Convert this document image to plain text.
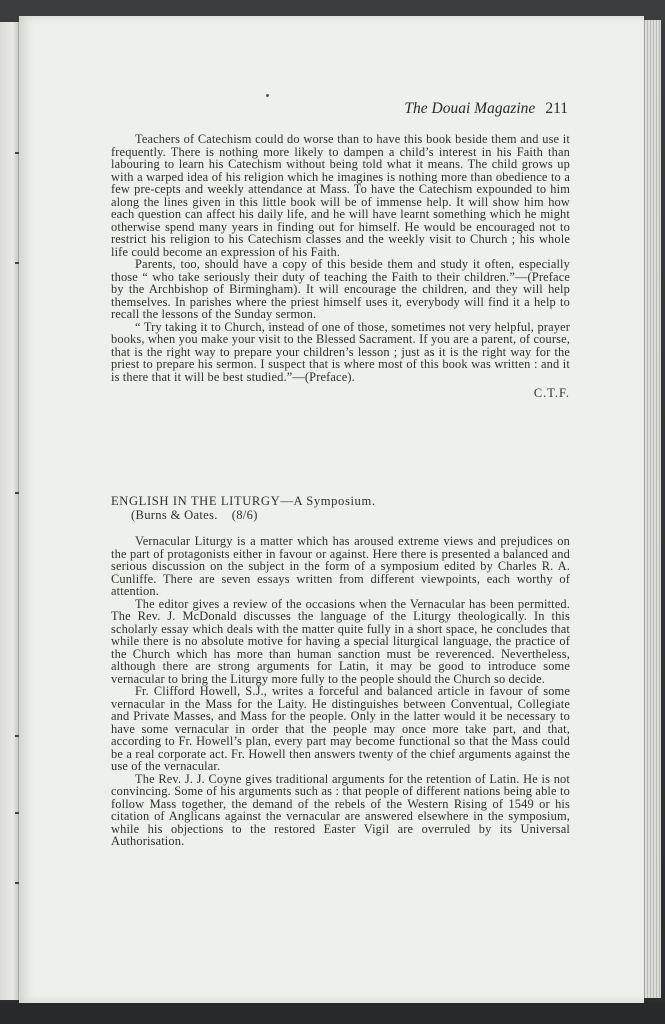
The Douai Magazine 211

Teachers of Catechism could do worse than to have this book beside them and use it frequently. There is nothing more likely to dampen a child’s interest in his Faith than labouring to learn his Catechism without being told what it means. The child grows up with a warped idea of his religion which he imagines is nothing more than obedience to a few pre-cepts and weekly attendance at Mass. To have the Catechism expounded to him along the lines given in this little book will be of immense help. It will show him how each question can affect his daily life, and he will have learnt something which he might otherwise spend many years in finding out for himself. He would be encouraged not to restrict his religion to his Catechism classes and the weekly visit to Church ; his whole life could become an expression of his Faith.

Parents, too, should have a copy of this beside them and study it often, especially those “ who take seriously their duty of teaching the Faith to their children.”—(Preface by the Archbishop of Birmingham). It will encourage the children, and they will help themselves. In parishes where the priest himself uses it, everybody will find it a help to recall the lessons of the Sunday sermon.

“ Try taking it to Church, instead of one of those, sometimes not very helpful, prayer books, when you make your visit to the Blessed Sacrament. If you are a parent, of course, that is the right way to prepare your children’s lesson ; just as it is the right way for the priest to prepare his sermon. I suspect that is where most of this book was written : and it is there that it will be best studied.”—(Preface).

C.T.F.
ENGLISH IN THE LITURGY—A Symposium.
(Burns & Oates. (8/6)

Vernacular Liturgy is a matter which has aroused extreme views and prejudices on the part of protagonists either in favour or against. Here there is presented a balanced and serious discussion on the subject in the form of a symposium edited by Charles R. A. Cunliffe. There are seven essays written from different viewpoints, each worthy of attention.

The editor gives a review of the occasions when the Vernacular has been permitted. The Rev. J. McDonald discusses the language of the Liturgy theologically. In this scholarly essay which deals with the matter quite fully in a short space, he concludes that while there is no absolute motive for having a special liturgical language, the practice of the Church which has more than human sanction must be reverenced. Nevertheless, although there are strong arguments for Latin, it may be good to introduce some vernacular to bring the Liturgy more fully to the people should the Church so decide.

Fr. Clifford Howell, S.J., writes a forceful and balanced article in favour of some vernacular in the Mass for the Laity. He distinguishes between Conventual, Collegiate and Private Masses, and Mass for the people. Only in the latter would it be necessary to have some vernacular in order that the people may once more take part, and that, according to Fr. Howell’s plan, every part may become functional so that the Mass could be a real corporate act. Fr. Howell then answers twenty of the chief arguments against the use of the vernacular.

The Rev. J. J. Coyne gives traditional arguments for the retention of Latin. He is not convincing. Some of his arguments such as : that people of different nations being able to follow Mass together, the demand of the rebels of the Western Rising of 1549 or his citation of Anglicans against the vernacular are answered elsewhere in the symposium, while his objections to the restored Easter Vigil are overruled by its Universal Authorisation.
